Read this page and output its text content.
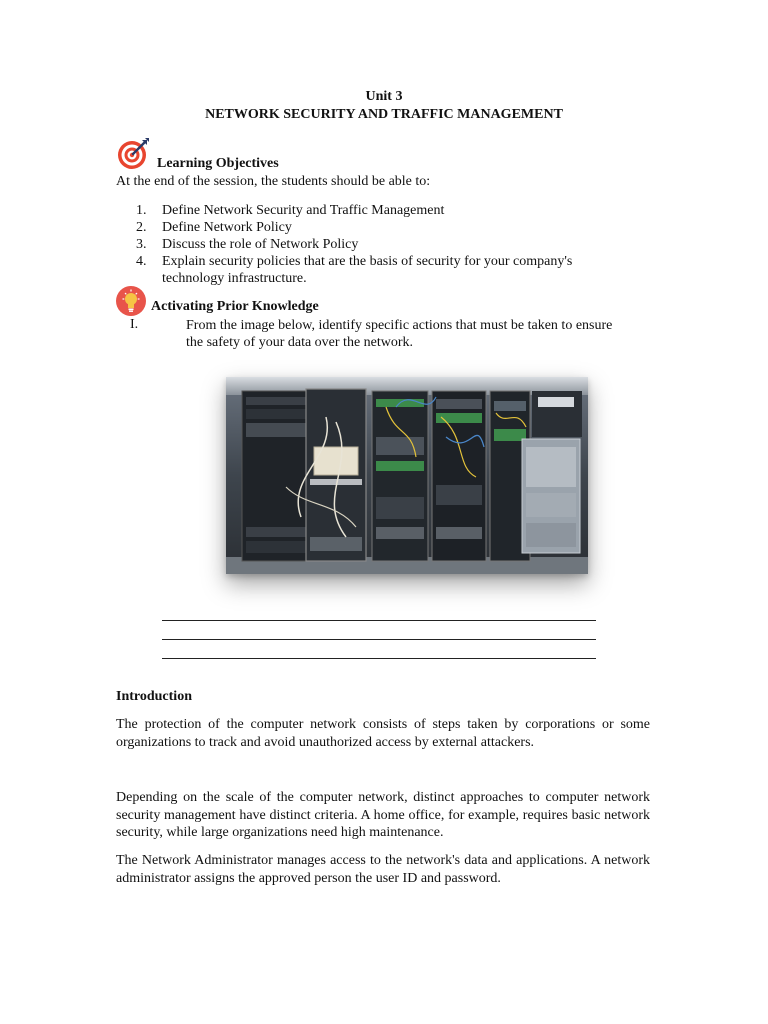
Unit 3
NETWORK SECURITY AND TRAFFIC MANAGEMENT
Learning Objectives
At the end of the session, the students should be able to:
1. Define Network Security and Traffic Management
2. Define Network Policy
3. Discuss the role of Network Policy
4. Explain security policies that are the basis of security for your company's technology infrastructure.
Activating Prior Knowledge
I.	From the image below, identify specific actions that must be taken to ensure the safety of your data over the network.
Introduction
The protection of the computer network consists of steps taken by corporations or some organizations to track and avoid unauthorized access by external attackers.
Depending on the scale of the computer network, distinct approaches to computer network security management have distinct criteria. A home office, for example, requires basic network security, while large organizations need high maintenance.
The Network Administrator manages access to the network's data and applications. A network administrator assigns the approved person the user ID and password.
